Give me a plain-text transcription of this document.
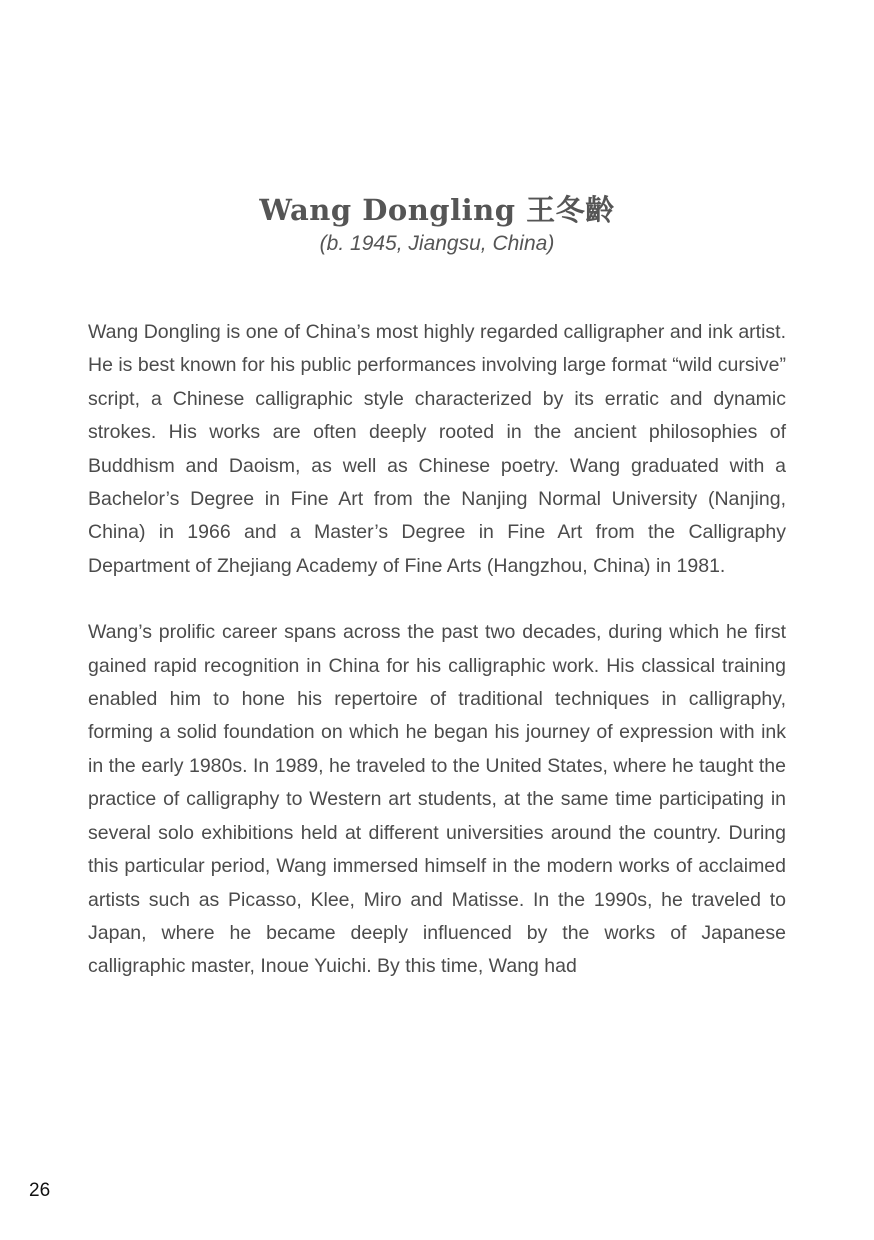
Wang Dongling 王冬齡

(b. 1945, Jiangsu, China)

Wang Dongling is one of China’s most highly regarded calligrapher and ink artist. He is best known for his public performances involving large format “wild cursive” script, a Chinese calligraphic style characterized by its erratic and dynamic strokes. His works are often deeply rooted in the ancient philosophies of Buddhism and Daoism, as well as Chinese poetry. Wang graduated with a Bachelor’s Degree in Fine Art from the Nanjing Normal University (Nanjing, China) in 1966 and a Master’s Degree in Fine Art from the Calligraphy Department of Zhejiang Academy of Fine Arts (Hangzhou, China) in 1981.

Wang’s prolific career spans across the past two decades, during which he first gained rapid recognition in China for his calligraphic work. His classical training enabled him to hone his repertoire of traditional techniques in calligraphy, forming a solid foundation on which he began his journey of expression with ink in the early 1980s. In 1989, he traveled to the United States, where he taught the practice of calligraphy to Western art students, at the same time participating in several solo exhibitions held at different universities around the country. During this particular period, Wang immersed himself in the modern works of acclaimed artists such as Picasso, Klee, Miro and Matisse. In the 1990s, he traveled to Japan, where he became deeply influenced by the works of Japanese calligraphic master, Inoue Yuichi. By this time, Wang had

26
